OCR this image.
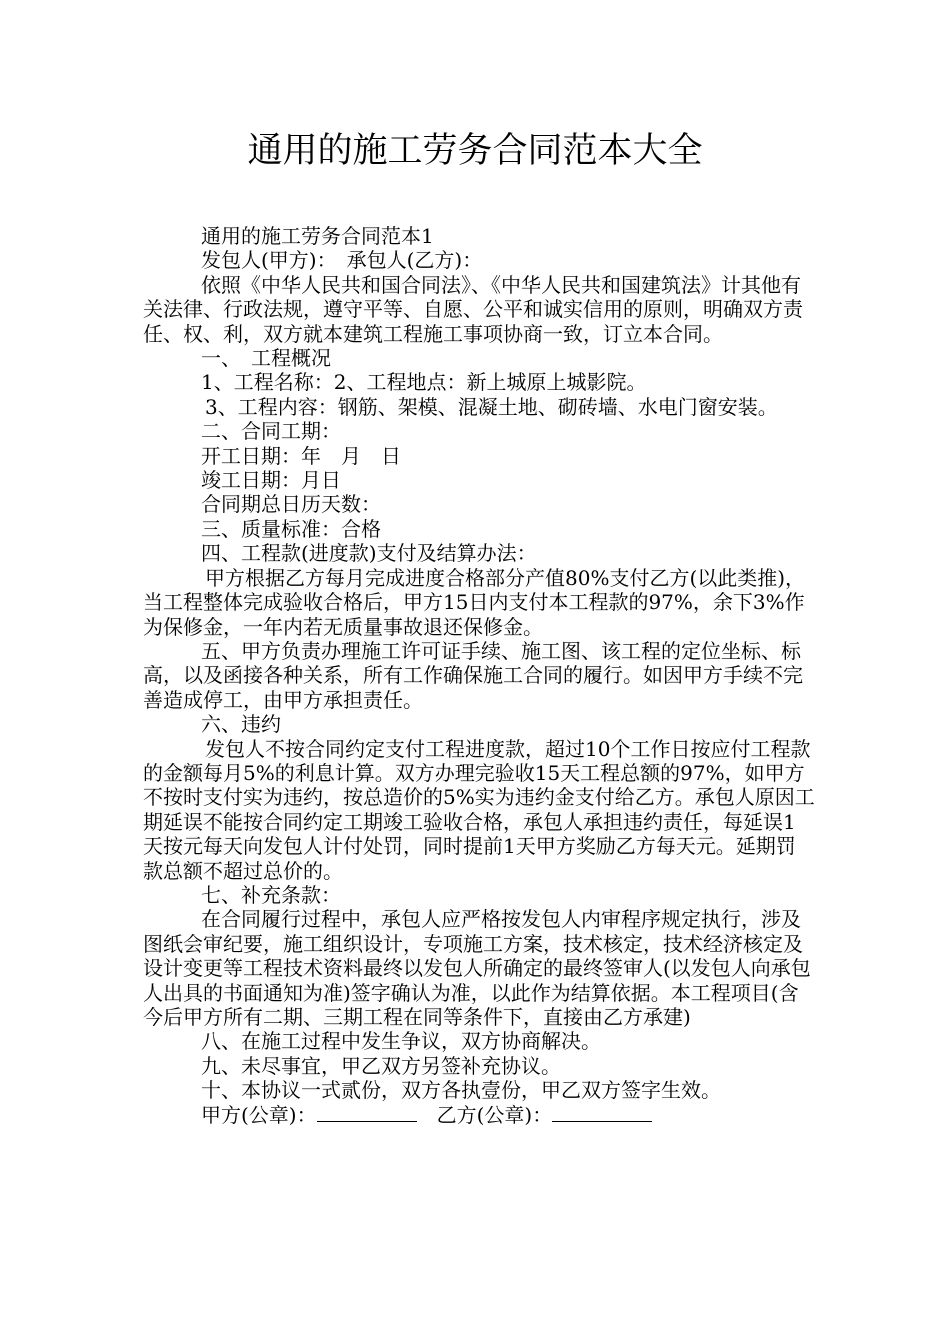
通用的施工劳务合同范本大全

通用的施工劳务合同范本1

发包人(甲方)：　承包人(乙方)：

依照《中华人民共和国合同法》、《中华人民共和国建筑法》计其他有关法律、行政法规，遵守平等、自愿、公平和诚实信用的原则，明确双方责任、权、利，双方就本建筑工程施工事项协商一致，订立本合同。

一、　工程概况

1、工程名称：2、工程地点：新上城原上城影院。

3、工程内容：钢筋、架模、混凝土地、砌砖墙、水电门窗安装。

二、合同工期：

开工日期：年　月　日

竣工日期：月日

合同期总日历天数：

三、质量标准：合格

四、工程款(进度款)支付及结算办法：

甲方根据乙方每月完成进度合格部分产值80%支付乙方(以此类推)，当工程整体完成验收合格后，甲方15日内支付本工程款的97%，余下3%作为保修金，一年内若无质量事故退还保修金。

五、甲方负责办理施工许可证手续、施工图、该工程的定位坐标、标高，以及函接各种关系，所有工作确保施工合同的履行。如因甲方手续不完善造成停工，由甲方承担责任。

六、违约

发包人不按合同约定支付工程进度款，超过10个工作日按应付工程款的金额每月5%的利息计算。双方办理完验收15天工程总额的97%，如甲方不按时支付实为违约，按总造价的5%实为违约金支付给乙方。承包人原因工期延误不能按合同约定工期竣工验收合格，承包人承担违约责任，每延误1天按元每天向发包人计付处罚，同时提前1天甲方奖励乙方每天元。延期罚款总额不超过总价的。

七、补充条款：

在合同履行过程中，承包人应严格按发包人内审程序规定执行，涉及图纸会审纪要，施工组织设计，专项施工方案，技术核定，技术经济核定及设计变更等工程技术资料最终以发包人所确定的最终签审人(以发包人向承包人出具的书面通知为准)签字确认为准，以此作为结算依据。本工程项目(含今后甲方所有二期、三期工程在同等条件下，直接由乙方承建)

八、在施工过程中发生争议，双方协商解决。

九、未尽事宜，甲乙双方另签补充协议。

十、本协议一式贰份，双方各执壹份，甲乙双方签字生效。

甲方(公章)：　	乙方(公章)：
